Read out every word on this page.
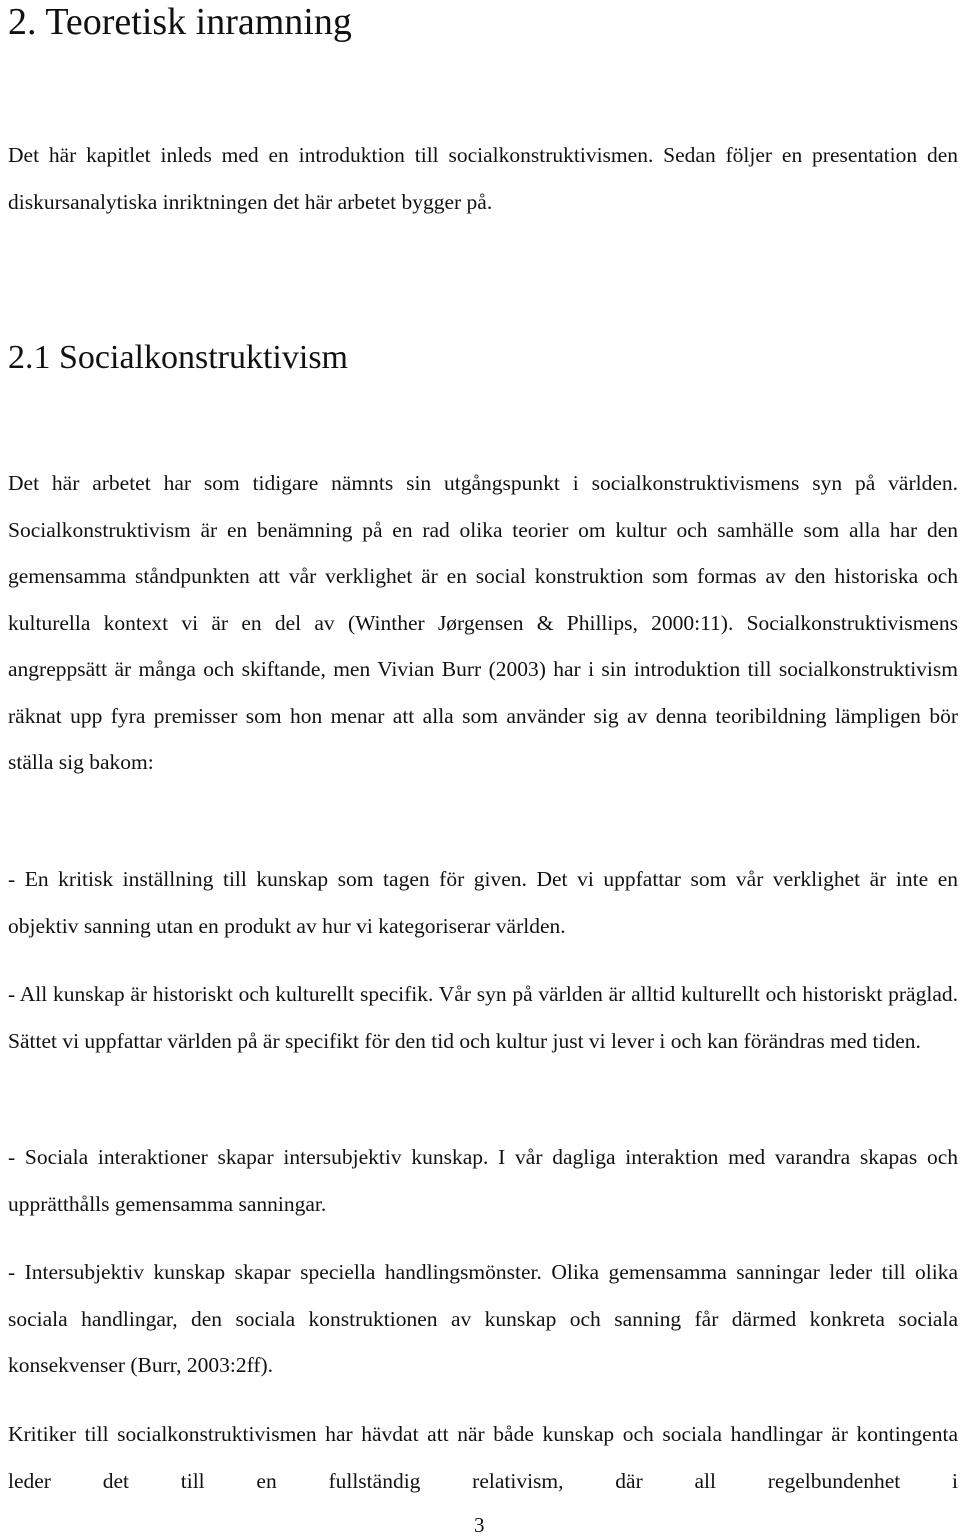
2. Teoretisk inramning

Det här kapitlet inleds med en introduktion till socialkonstruktivismen. Sedan följer en presentation den diskursanalytiska inriktningen det här arbetet bygger på.

2.1 Socialkonstruktivism

Det här arbetet har som tidigare nämnts sin utgångspunkt i socialkonstruktivismens syn på världen. Socialkonstruktivism är en benämning på en rad olika teorier om kultur och samhälle som alla har den gemensamma ståndpunkten att vår verklighet är en social konstruktion som formas av den historiska och kulturella kontext vi är en del av (Winther Jørgensen & Phillips, 2000:11). Socialkonstruktivismens angreppsätt är många och skiftande, men Vivian Burr (2003) har i sin introduktion till socialkonstruktivism räknat upp fyra premisser som hon menar att alla som använder sig av denna teoribildning lämpligen bör ställa sig bakom:

- En kritisk inställning till kunskap som tagen för given. Det vi uppfattar som vår verklighet är inte en objektiv sanning utan en produkt av hur vi kategoriserar världen.

- All kunskap är historiskt och kulturellt specifik. Vår syn på världen är alltid kulturellt och historiskt präglad. Sättet vi uppfattar världen på är specifikt för den tid och kultur just vi lever i och kan förändras med tiden.

- Sociala interaktioner skapar intersubjektiv kunskap. I vår dagliga interaktion med varandra skapas och upprätthålls gemensamma sanningar.

- Intersubjektiv kunskap skapar speciella handlingsmönster. Olika gemensamma sanningar leder till olika sociala handlingar, den sociala konstruktionen av kunskap och sanning får därmed konkreta sociala konsekvenser (Burr, 2003:2ff).

Kritiker till socialkonstruktivismen har hävdat att när både kunskap och sociala handlingar är kontingenta leder det till en fullständig relativism, där all regelbundenhet i

3
